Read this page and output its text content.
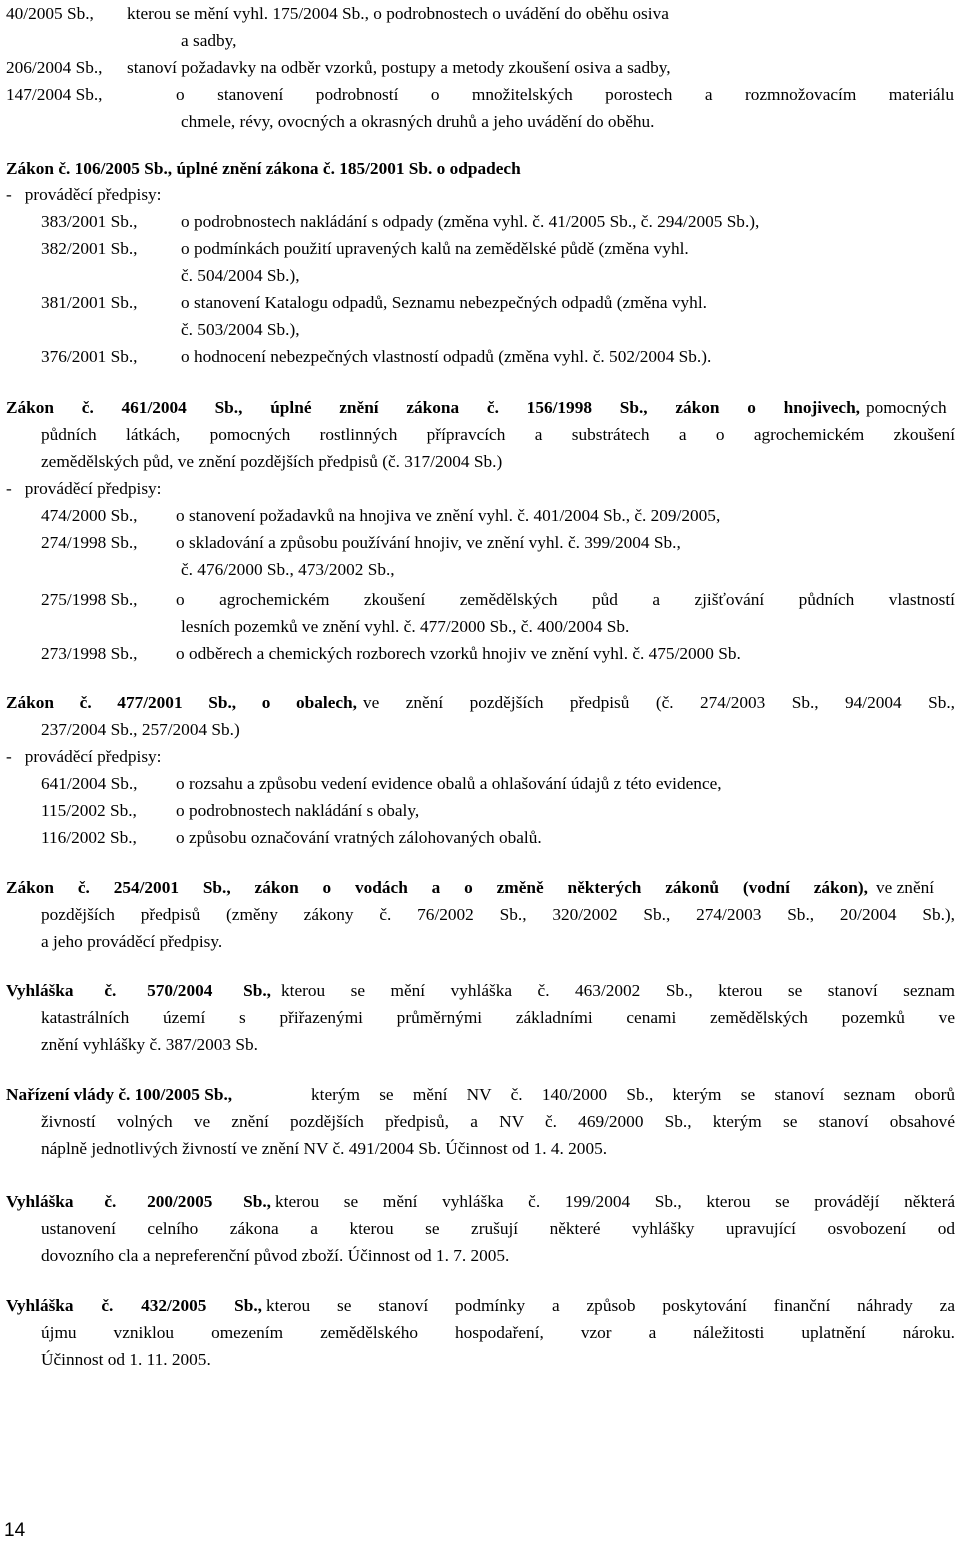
40/2005 Sb., kterou se mění vyhl. 175/2004 Sb., o podrobnostech o uvádění do oběhu osiva
a sadby,
206/2004 Sb., stanoví požadavky na odběr vzorků, postupy a metody zkoušení osiva a sadby,
147/2004 Sb.,	o stanovení podrobností o množitelských porostech a rozmnožovacím materiálu
chmele, révy, ovocných a okrasných druhů a jeho uvádění do oběhu.
Zákon č. 106/2005 Sb., úplné znění zákona č. 185/2001 Sb. o odpadech
-   prováděcí předpisy:
383/2001 Sb.,	o podrobnostech nakládání s odpady (změna vyhl. č. 41/2005 Sb., č. 294/2005 Sb.),
382/2001 Sb.,	o podmínkách použití upravených kalů na zemědělské půdě (změna vyhl.
č. 504/2004 Sb.),
381/2001 Sb.,	o stanovení Katalogu odpadů, Seznamu nebezpečných odpadů (změna vyhl.
č. 503/2004 Sb.),
376/2001 Sb.,	o hodnocení nebezpečných vlastností odpadů (změna vyhl. č. 502/2004 Sb.).
Zákon č. 461/2004 Sb., úplné znění zákona č. 156/1998 Sb., zákon o hnojivech, pomocných
půdních látkách, pomocných rostlinných přípravcích a substrátech a o agrochemickém zkoušení
zemědělských půd, ve znění pozdějších předpisů (č. 317/2004 Sb.)
-   prováděcí předpisy:
474/2000 Sb., o stanovení požadavků na hnojiva ve znění vyhl. č. 401/2004 Sb., č. 209/2005,
274/1998 Sb., o skladování a způsobu používání hnojiv, ve znění vyhl. č. 399/2004 Sb.,
č. 476/2000 Sb., 473/2002 Sb.,
275/1998 Sb., o agrochemickém zkoušení zemědělských půd a zjišťování půdních vlastností
lesních pozemků ve znění vyhl. č. 477/2000 Sb., č. 400/2004 Sb.
273/1998 Sb., o odběrech a chemických rozborech vzorků hnojiv ve znění vyhl. č. 475/2000 Sb.
Zákon č. 477/2001 Sb., o obalech, ve znění pozdějších předpisů (č. 274/2003 Sb., 94/2004 Sb.,
237/2004 Sb., 257/2004 Sb.)
-   prováděcí předpisy:
641/2004 Sb., o rozsahu a způsobu vedení evidence obalů a ohlašování údajů z této evidence,
115/2002 Sb., o podrobnostech nakládání s obaly,
116/2002 Sb., o způsobu označování vratných zálohovaných obalů.
Zákon č. 254/2001 Sb., zákon o vodách a o změně některých zákonů (vodní zákon), ve znění
pozdějších předpisů (změny zákony č. 76/2002 Sb., 320/2002 Sb., 274/2003 Sb., 20/2004 Sb.),
a jeho prováděcí předpisy.
Vyhláška č. 570/2004 Sb., kterou se mění vyhláška č. 463/2002 Sb., kterou se stanoví seznam
katastrálních území s přiřazenými průměrnými základními cenami zemědělských pozemků ve
znění vyhlášky č. 387/2003 Sb.
Nařízení vlády č. 100/2005 Sb.,	kterým se mění NV č. 140/2000 Sb., kterým se stanoví seznam oborů
živností volných ve znění pozdějších předpisů, a NV č. 469/2000 Sb., kterým se stanoví obsahové
náplně jednotlivých živností ve znění NV č. 491/2004 Sb. Účinnost od 1. 4. 2005.
Vyhláška č. 200/2005 Sb., kterou se mění vyhláška č. 199/2004 Sb., kterou se provádějí některá
ustanovení celního zákona a kterou se zrušují některé vyhlášky upravující osvobození od
dovozního cla a nepreferenční původ zboží. Účinnost od 1. 7. 2005.
Vyhláška č. 432/2005 Sb., kterou se stanoví podmínky a způsob poskytování finanční náhrady za
újmu vzniklou omezením zemědělského hospodaření, vzor a náležitosti uplatnění nároku.
Účinnost od 1. 11. 2005.
14
